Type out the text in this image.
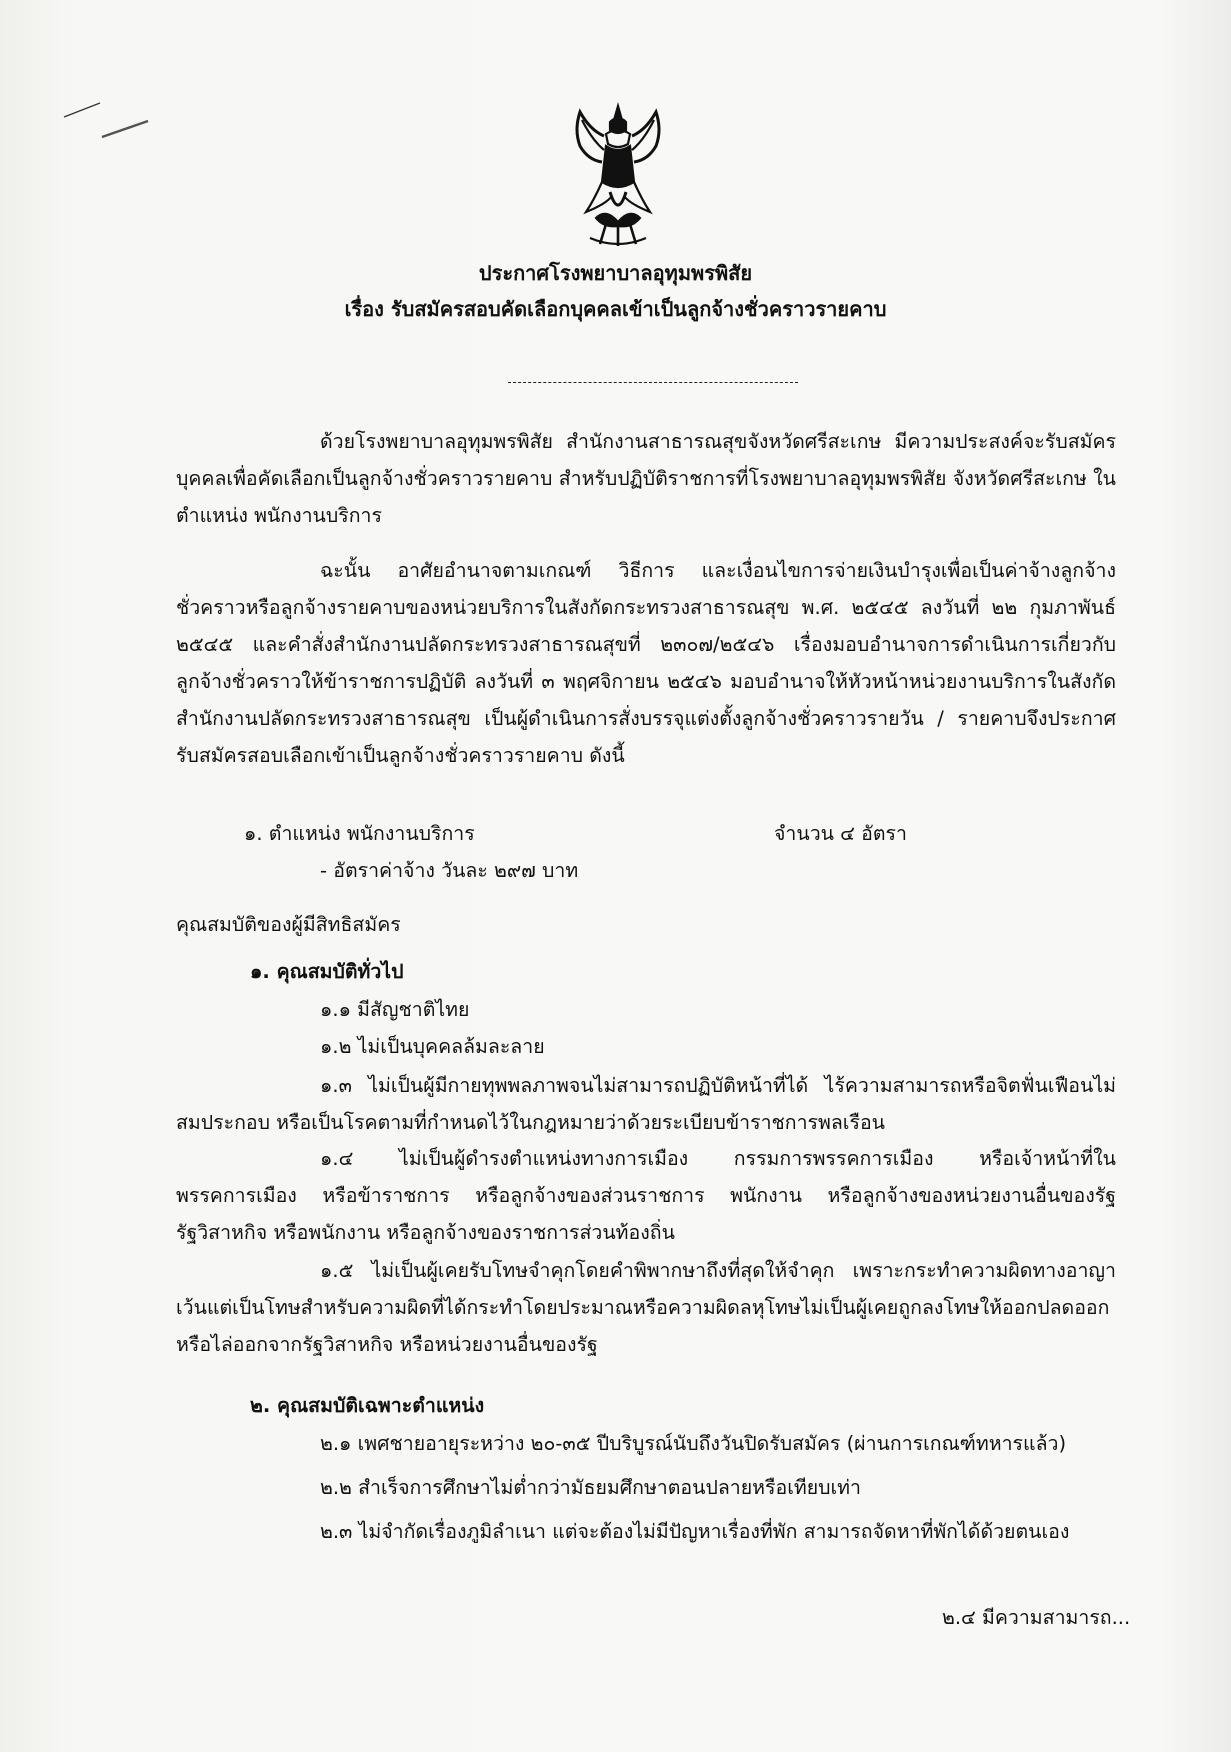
ประกาศโรงพยาบาลอุทุมพรพิสัย
เรื่อง รับสมัครสอบคัดเลือกบุคคลเข้าเป็นลูกจ้างชั่วคราวรายคาบ
ด้วยโรงพยาบาลอุทุมพรพิสัย สำนักงานสาธารณสุขจังหวัดศรีสะเกษ มีความประสงค์จะรับสมัครบุคคลเพื่อคัดเลือกเป็นลูกจ้างชั่วคราวรายคาบ สำหรับปฏิบัติราชการที่โรงพยาบาลอุทุมพรพิสัย จังหวัดศรีสะเกษ ใน ตำแหน่ง พนักงานบริการ
ฉะนั้น อาศัยอำนาจตามเกณฑ์ วิธีการ และเงื่อนไขการจ่ายเงินบำรุงเพื่อเป็นค่าจ้างลูกจ้างชั่วคราวหรือลูกจ้างรายคาบของหน่วยบริการในสังกัดกระทรวงสาธารณสุข พ.ศ. ๒๕๔๕ ลงวันที่ ๒๒ กุมภาพันธ์ ๒๕๔๕ และคำสั่งสำนักงานปลัดกระทรวงสาธารณสุขที่ ๒๓๐๗/๒๕๔๖ เรื่องมอบอำนาจการดำเนินการเกี่ยวกับลูกจ้างชั่วคราวให้ข้าราชการปฏิบัติ ลงวันที่ ๓ พฤศจิกายน ๒๕๔๖ มอบอำนาจให้หัวหน้าหน่วยงานบริการในสังกัดสำนักงานปลัดกระทรวงสาธารณสุข เป็นผู้ดำเนินการสั่งบรรจุแต่งตั้งลูกจ้างชั่วคราวรายวัน / รายคาบจึงประกาศรับสมัครสอบเลือกเข้าเป็นลูกจ้างชั่วคราวรายคาบ ดังนี้
๑. ตำแหน่ง พนักงานบริการ	จำนวน ๔ อัตรา
- อัตราค่าจ้าง วันละ ๒๙๗ บาท
คุณสมบัติของผู้มีสิทธิสมัคร
๑. คุณสมบัติทั่วไป
๑.๑ มีสัญชาติไทย
๑.๒ ไม่เป็นบุคคลล้มละลาย
๑.๓ ไม่เป็นผู้มีกายทุพพลภาพจนไม่สามารถปฏิบัติหน้าที่ได้ ไร้ความสามารถหรือจิตฟั่นเฟือนไม่สมประกอบ หรือเป็นโรคตามที่กำหนดไว้ในกฎหมายว่าด้วยระเบียบข้าราชการพลเรือน
๑.๔ ไม่เป็นผู้ดำรงตำแหน่งทางการเมือง กรรมการพรรคการเมือง หรือเจ้าหน้าที่ในพรรคการเมือง หรือข้าราชการ หรือลูกจ้างของส่วนราชการ พนักงาน หรือลูกจ้างของหน่วยงานอื่นของรัฐ รัฐวิสาหกิจ หรือพนักงาน หรือลูกจ้างของราชการส่วนท้องถิ่น
๑.๕ ไม่เป็นผู้เคยรับโทษจำคุกโดยคำพิพากษาถึงที่สุดให้จำคุก เพราะกระทำความผิดทางอาญา เว้นแต่เป็นโทษสำหรับความผิดที่ได้กระทำโดยประมาณหรือความผิดลหุโทษไม่เป็นผู้เคยถูกลงโทษให้ออกปลดออก หรือไล่ออกจากรัฐวิสาหกิจ หรือหน่วยงานอื่นของรัฐ
๒. คุณสมบัติเฉพาะตำแหน่ง
๒.๑ เพศชายอายุระหว่าง ๒๐-๓๕ ปีบริบูรณ์นับถึงวันปิดรับสมัคร (ผ่านการเกณฑ์ทหารแล้ว)
๒.๒ สำเร็จการศึกษาไม่ต่ำกว่ามัธยมศึกษาตอนปลายหรือเทียบเท่า
๒.๓ ไม่จำกัดเรื่องภูมิลำเนา แต่จะต้องไม่มีปัญหาเรื่องที่พัก สามารถจัดหาที่พักได้ด้วยตนเอง
๒.๔ มีความสามารถ...
